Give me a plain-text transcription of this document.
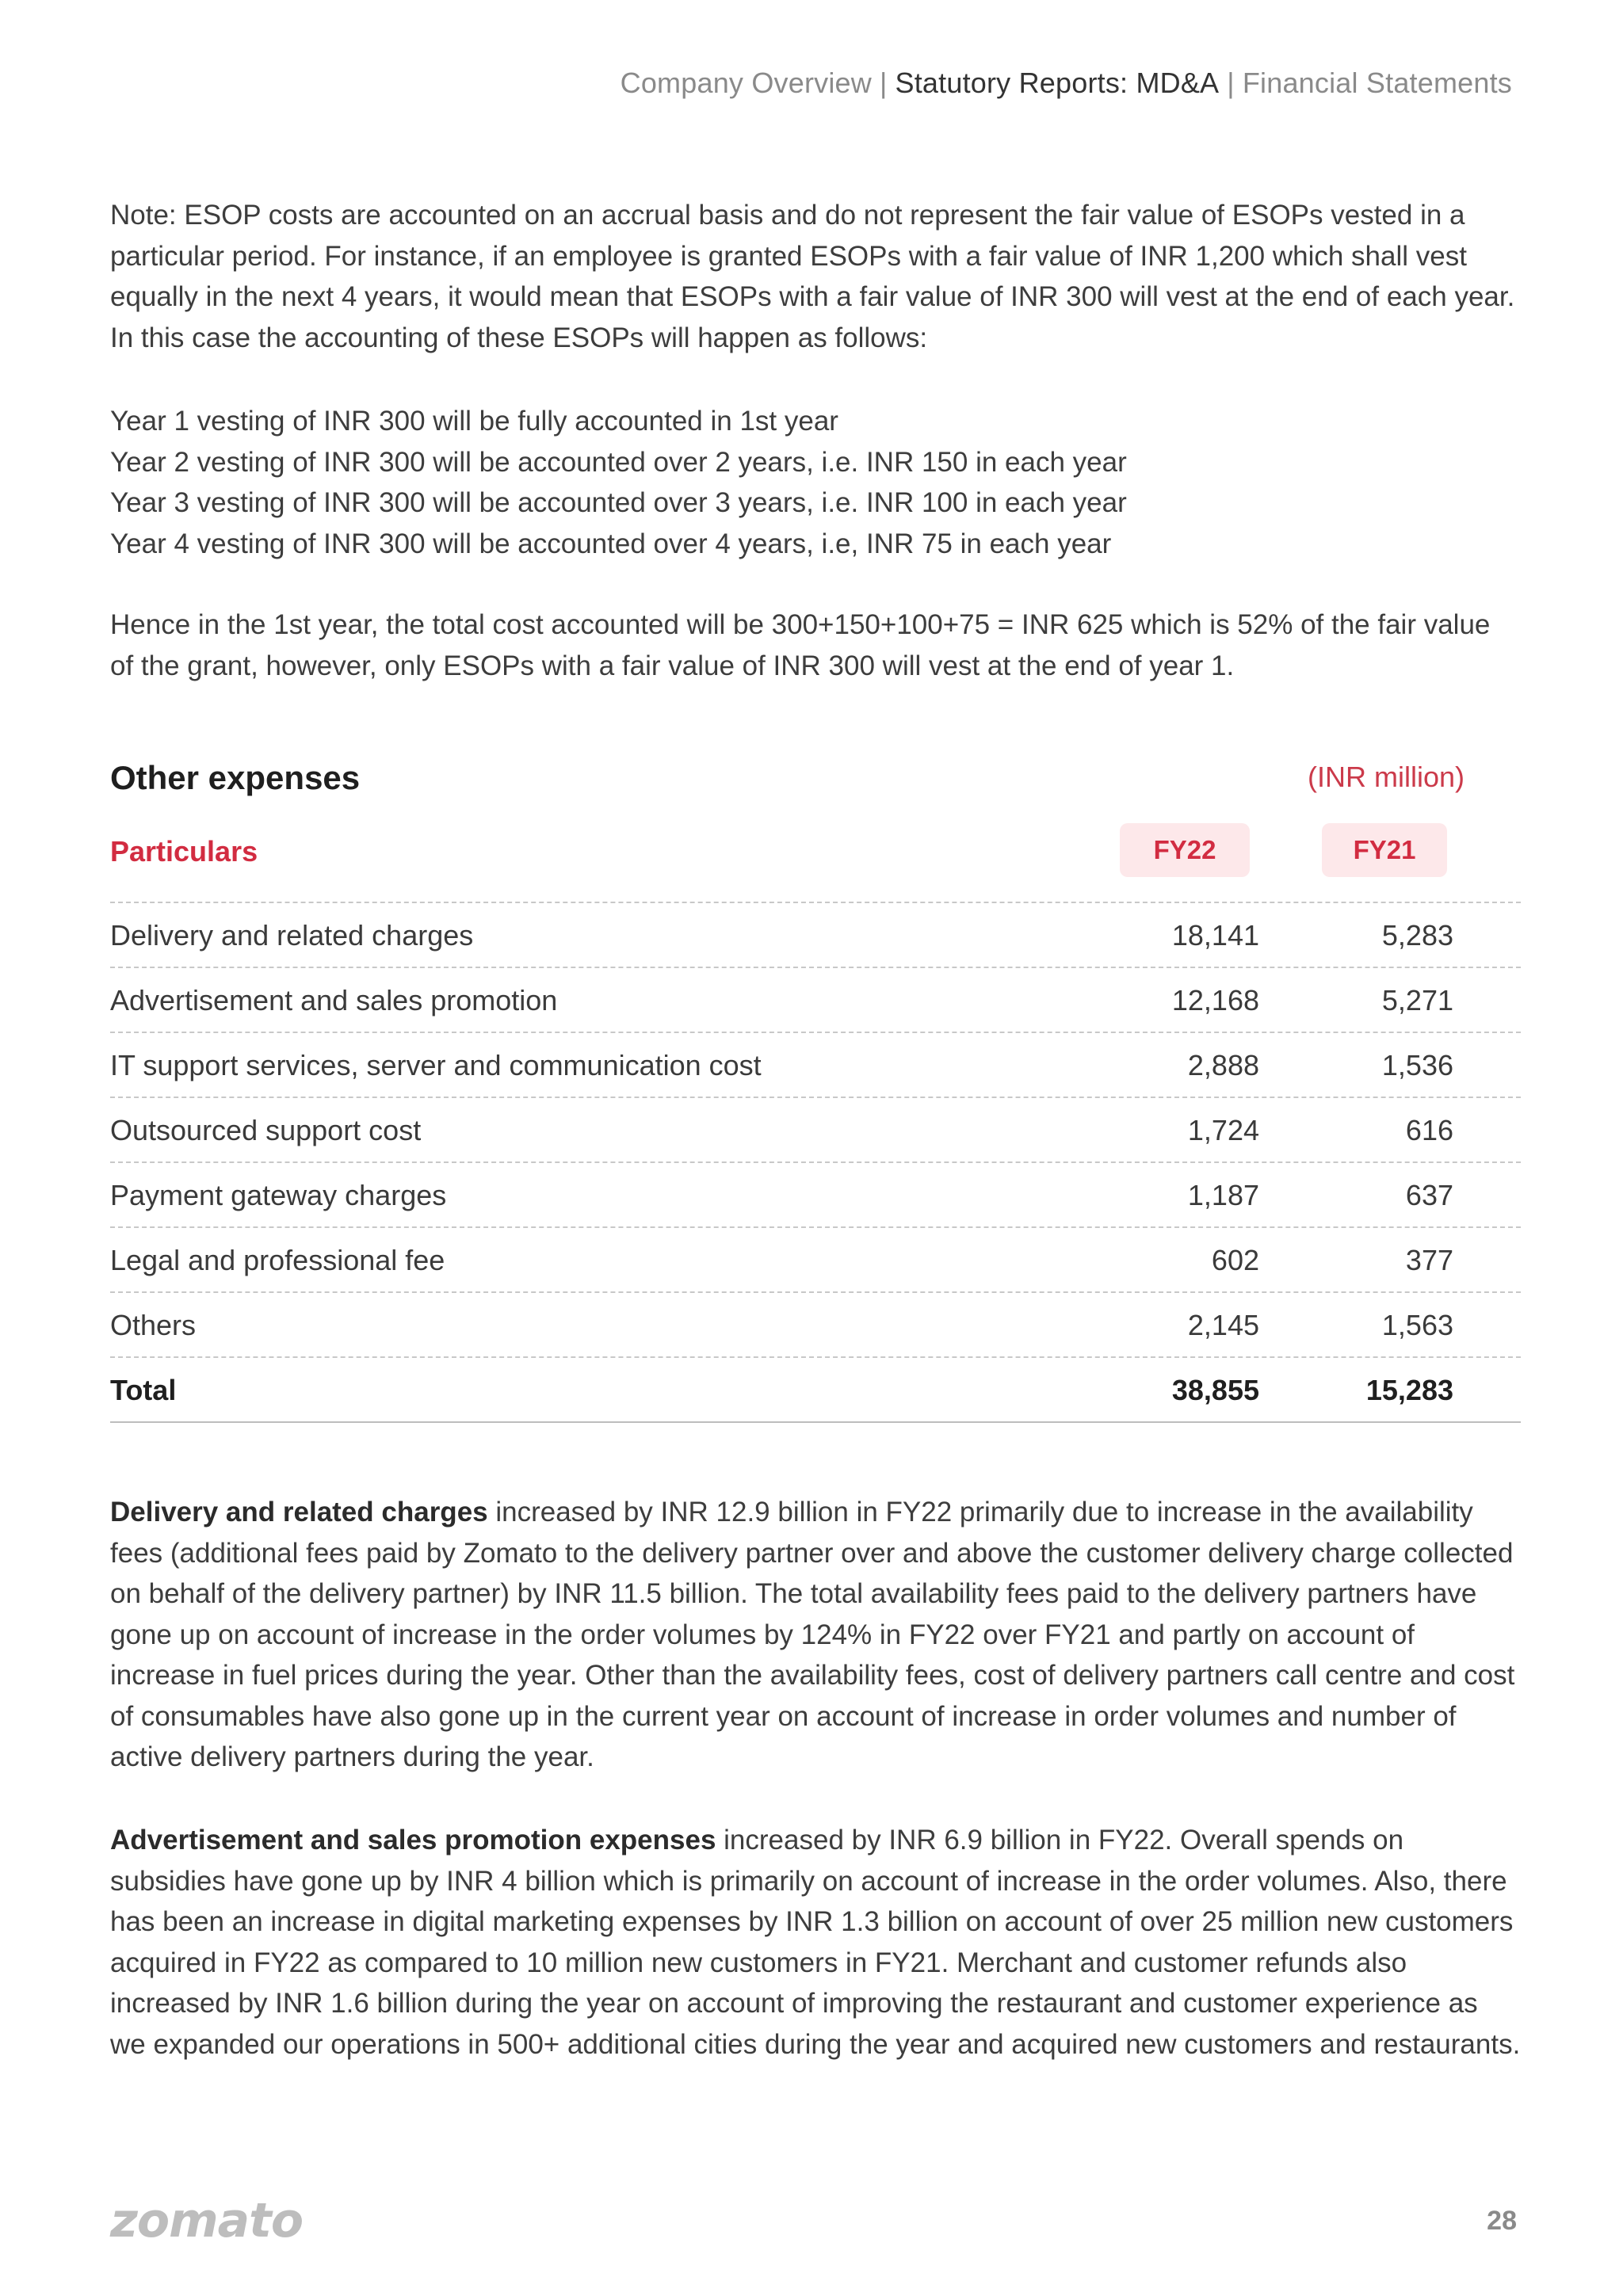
Company Overview | Statutory Reports: MD&A | Financial Statements

Note: ESOP costs are accounted on an accrual basis and do not represent the fair value of ESOPs vested in a particular period. For instance, if an employee is granted ESOPs with a fair value of INR 1,200 which shall vest equally in the next 4 years, it would mean that ESOPs with a fair value of INR 300 will vest at the end of each year. In this case the accounting of these ESOPs will happen as follows:

Year 1 vesting of INR 300 will be fully accounted in 1st year
Year 2 vesting of INR 300 will be accounted over 2 years, i.e. INR 150 in each year
Year 3 vesting of INR 300 will be accounted over 3 years, i.e. INR 100 in each year
Year 4 vesting of INR 300 will be accounted over 4 years, i.e, INR 75 in each year

Hence in the 1st year, the total cost accounted will be 300+150+100+75 = INR 625 which is 52% of the fair value of the grant, however, only ESOPs with a fair value of INR 300 will vest at the end of year 1.

Other expenses	(INR million)
Particulars	FY22	FY21
Delivery and related charges	18,141	5,283
Advertisement and sales promotion	12,168	5,271
IT support services, server and communication cost	2,888	1,536
Outsourced support cost	1,724	616
Payment gateway charges	1,187	637
Legal and professional fee	602	377
Others	2,145	1,563
Total	38,855	15,283

Delivery and related charges increased by INR 12.9 billion in FY22 primarily due to increase in the availability fees (additional fees paid by Zomato to the delivery partner over and above the customer delivery charge collected on behalf of the delivery partner) by INR 11.5 billion. The total availability fees paid to the delivery partners have gone up on account of increase in the order volumes by 124% in FY22 over FY21 and partly on account of increase in fuel prices during the year. Other than the availability fees, cost of delivery partners call centre and cost of consumables have also gone up in the current year on account of increase in order volumes and number of active delivery partners during the year.

Advertisement and sales promotion expenses increased by INR 6.9 billion in FY22. Overall spends on subsidies have gone up by INR 4 billion which is primarily on account of increase in the order volumes. Also, there has been an increase in digital marketing expenses by INR 1.3 billion on account of over 25 million new customers acquired in FY22 as compared to 10 million new customers in FY21. Merchant and customer refunds also increased by INR 1.6 billion during the year on account of improving the restaurant and customer experience as we expanded our operations in 500+ additional cities during the year and acquired new customers and restaurants.

zomato	28
